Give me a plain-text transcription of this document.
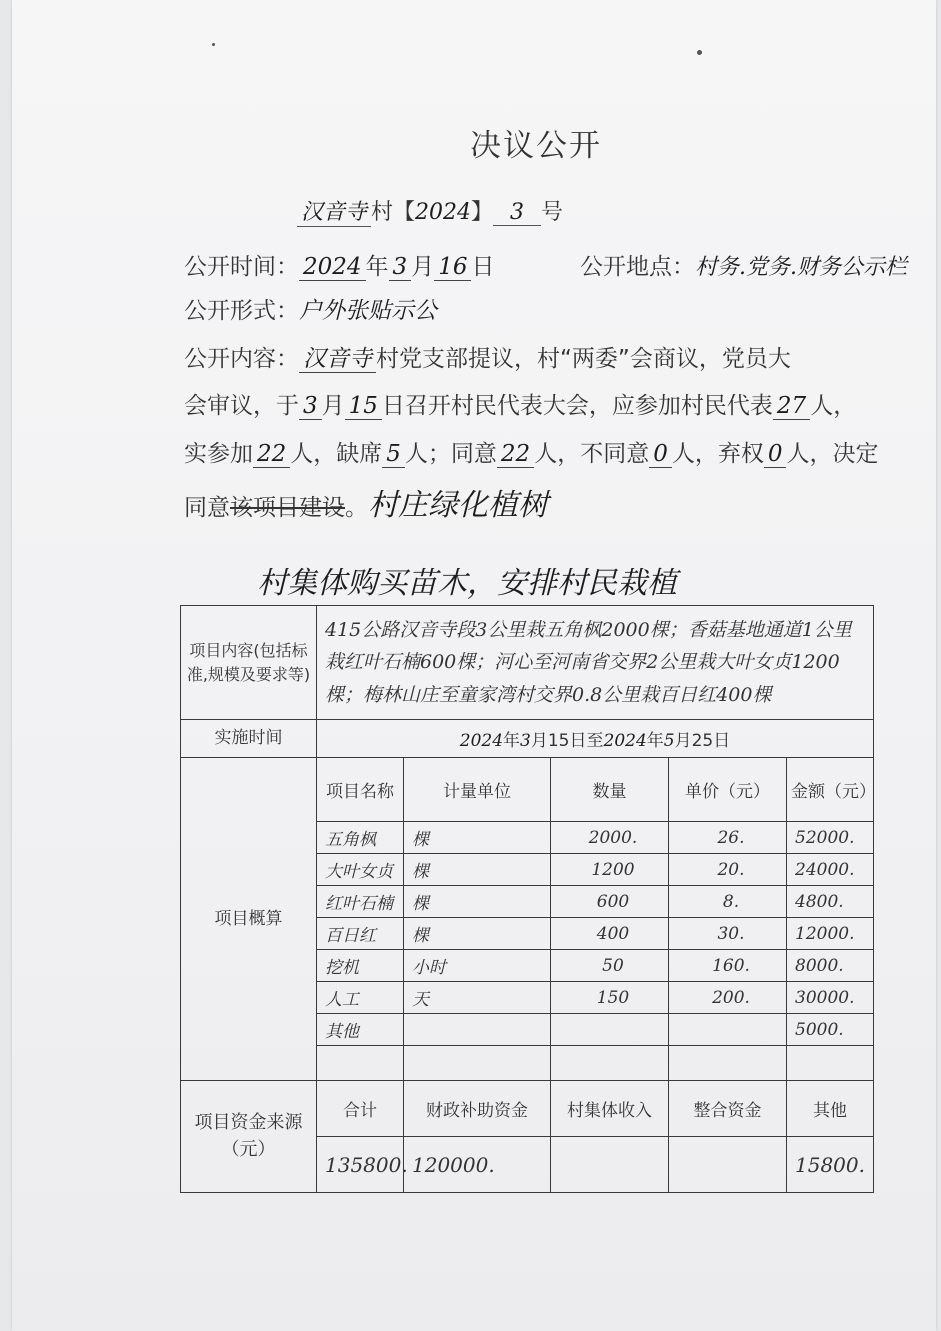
决议公开
汉音寺 村【2024】 3 号
公开时间： 2024 年 3 月 16 日	公开地点：村务.党务.财务公示栏
公开形式：户外张贴示公
公开内容： 汉音寺 村党支部提议，村“两委”会商议，党员大
会审议，于 3 月 15 日召开村民代表大会，应参加村民代表 27 人，
实参加 22 人，缺席 5 人；同意 22 人，不同意 0 人，弃权 0 人，决定
同意该项目建设。村庄绿化植树
村集体购买苗木，安排村民栽植
项目内容(包括标准,规模及要求等)	415公路汉音寺段3公里栽五角枫2000棵；香菇基地通道1公里栽红叶石楠600棵；河心至河南省交界2公里栽大叶女贞1200棵；梅林山庄至童家湾村交界0.8公里栽百日红400棵				
实施时间	2024年3月15日至2024年5月25日				
项目概算	项目名称	计量单位	数量	单价（元）	金额（元）
	五角枫	棵	2000.	26.	52000.
	大叶女贞	棵	1200	20.	24000.
	红叶石楠	棵	600	8.	4800.
	百日红	棵	400	30.	12000.
	挖机	小时	50	160.	8000.
	人工	天	150	200.	30000.
	其他				5000.

项目资金来源（元）	合计	财政补助资金	村集体收入	整合资金	其他
	135800.	120000.			15800.
